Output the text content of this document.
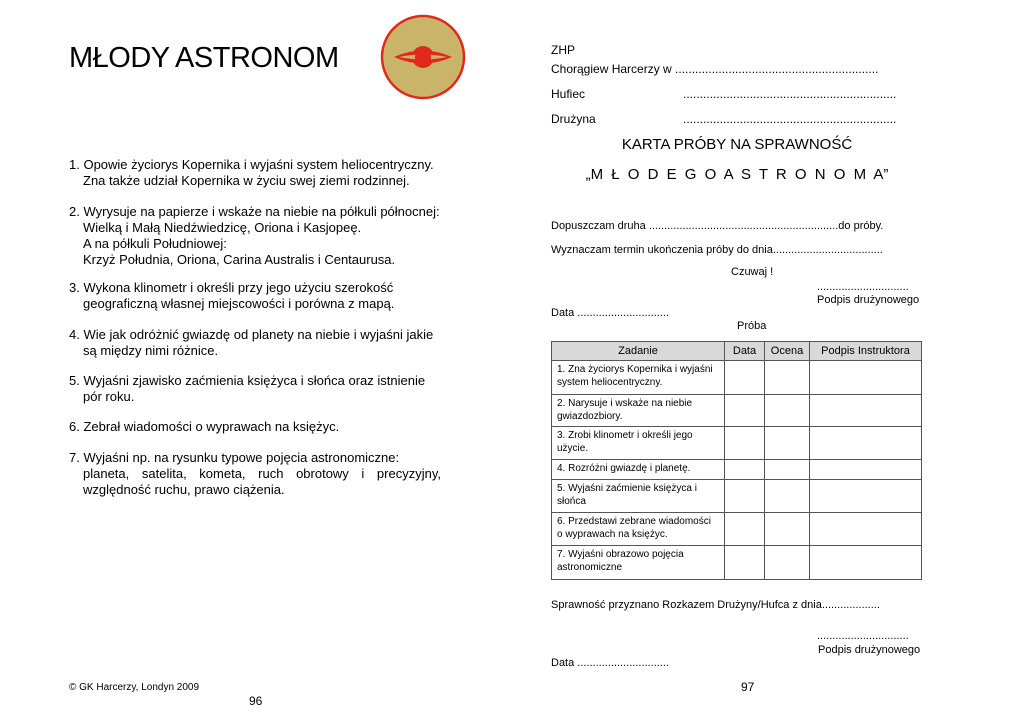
MŁODY ASTRONOM
1. Opowie życiorys Kopernika i wyjaśni system heliocentryczny.
Zna także udział Kopernika w życiu swej ziemi rodzinnej.
2. Wyrysuje na papierze i wskaże na niebie na półkuli północnej:
Wielką i Małą Niedźwiedzicę, Oriona i Kasjopeę.
A na półkuli Południowej:
Krzyż Południa, Oriona, Carina Australis i Centaurusa.
3. Wykona klinometr i określi przy jego użyciu szerokość
geograficzną własnej miejscowości i porówna z mapą.
4. Wie jak odróżnić gwiazdę od planety na niebie i wyjaśni jakie
są między nimi różnice.
5. Wyjaśni zjawisko zaćmienia księżyca i słońca oraz istnienie
pór roku.
6. Zebrał wiadomości o wyprawach na księżyc.
7. Wyjaśni np. na rysunku typowe pojęcia astronomiczne:
planeta, satelita, kometa, ruch obrotowy i precyzyjny,
względność ruchu, prawo ciążenia.
© GK Harcerzy, Londyn 2009
96
ZHP
Chorągiew Harcerzy w .............................................................
Hufiec	................................................................
Drużyna	................................................................
KARTA PRÓBY NA SPRAWNOŚĆ
„M Ł O D E G O A S T R O N O M A”
Dopuszczam druha ..............................................................do próby.
Wyznaczam termin ukończenia próby do dnia....................................
Czuwaj !
..............................
Podpis drużynowego
Data ..............................
Próba
Zadanie	Data	Ocena	Podpis Instruktora
1. Zna życiorys Kopernika i wyjaśni system heliocentryczny.			
2. Narysuje i wskaże na niebie gwiazdozbiory.			
3. Zrobi klinometr i określi jego użycie.			
4. Rozróżni gwiazdę i planetę.			
5. Wyjaśni zaćmienie księżyca i słońca			
6. Przedstawi zebrane wiadomości o wyprawach na księżyc.			
7. Wyjaśni obrazowo pojęcia astronomiczne			
Sprawność przyznano Rozkazem Drużyny/Hufca z dnia...................
..............................
Podpis drużynowego
Data ..............................
97
